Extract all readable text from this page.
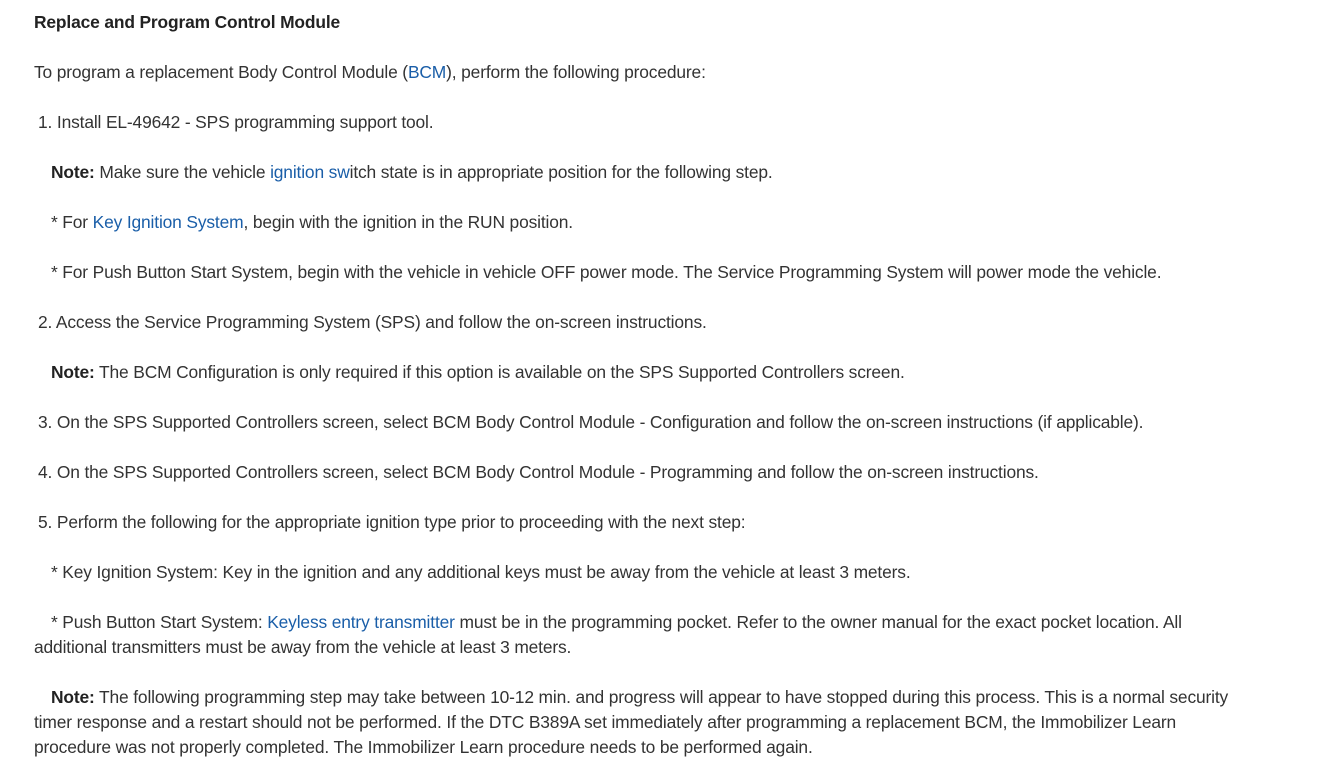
Replace and Program Control Module
To program a replacement Body Control Module (BCM), perform the following procedure:
1. Install EL-49642 - SPS programming support tool.
Note: Make sure the vehicle ignition switch state is in appropriate position for the following step.
* For Key Ignition System, begin with the ignition in the RUN position.
* For Push Button Start System, begin with the vehicle in vehicle OFF power mode. The Service Programming System will power mode the vehicle.
2. Access the Service Programming System (SPS) and follow the on-screen instructions.
Note: The BCM Configuration is only required if this option is available on the SPS Supported Controllers screen.
3. On the SPS Supported Controllers screen, select BCM Body Control Module - Configuration and follow the on-screen instructions (if applicable).
4. On the SPS Supported Controllers screen, select BCM Body Control Module - Programming and follow the on-screen instructions.
5. Perform the following for the appropriate ignition type prior to proceeding with the next step:
* Key Ignition System: Key in the ignition and any additional keys must be away from the vehicle at least 3 meters.
* Push Button Start System: Keyless entry transmitter must be in the programming pocket. Refer to the owner manual for the exact pocket location. All additional transmitters must be away from the vehicle at least 3 meters.
Note: The following programming step may take between 10-12 min. and progress will appear to have stopped during this process. This is a normal security timer response and a restart should not be performed. If the DTC B389A set immediately after programming a replacement BCM, the Immobilizer Learn procedure was not properly completed. The Immobilizer Learn procedure needs to be performed again.
